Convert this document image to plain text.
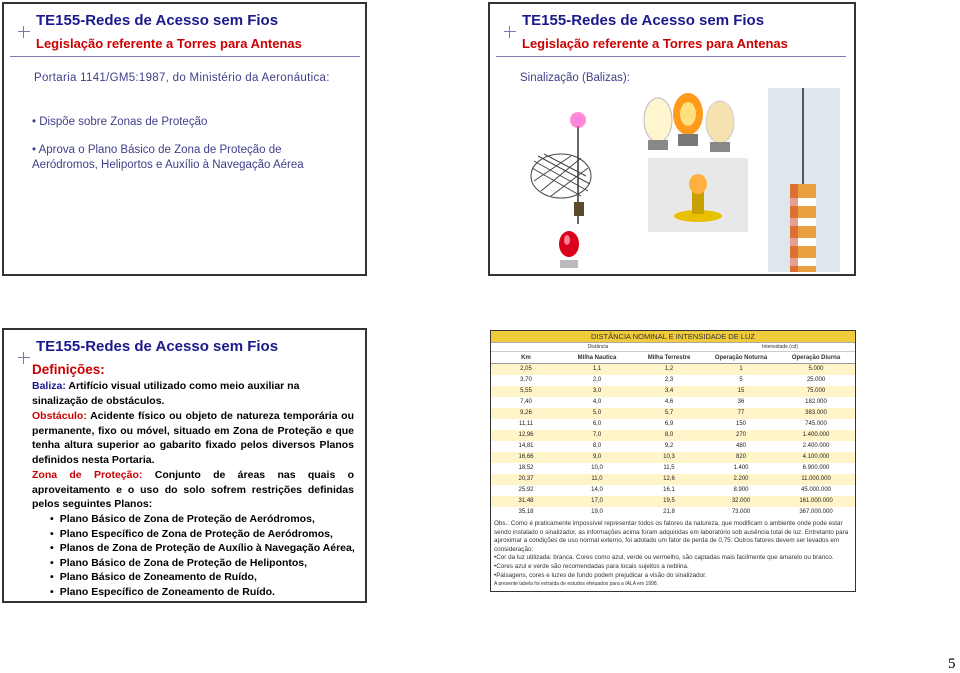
TE155-Redes de Acesso sem Fios
Legislação referente a Torres para Antenas
Portaria 1141/GM5:1987, do Ministério da Aeronáutica:
• Dispõe sobre Zonas de Proteção
• Aprova o Plano Básico de Zona de Proteção de Aeródromos, Heliportos e Auxílio à Navegação Aérea
TE155-Redes de Acesso sem Fios
Legislação referente a Torres para Antenas
Sinalização (Balizas):
TE155-Redes de Acesso sem Fios
Definições:
Baliza: Artifício visual utilizado como meio auxiliar na sinalização de obstáculos.
Obstáculo: Acidente físico ou objeto de natureza temporária ou permanente, fixo ou móvel, situado em Zona de Proteção e que tenha altura superior ao gabarito fixado pelos diversos Planos definidos nesta Portaria.
Zona de Proteção: Conjunto de áreas nas quais o aproveitamento e o uso do solo sofrem restrições definidas pelos seguintes Planos:
• Plano Básico de Zona de Proteção de Aeródromos,
• Plano Específico de Zona de Proteção de Aeródromos,
• Planos de Zona de Proteção de Auxílio à Navegação Aérea,
• Plano Básico de Zona de Proteção de Helipontos,
• Plano Básico de Zoneamento de Ruído,
• Plano Específico de Zoneamento de Ruído.
DISTÂNCIA NOMINAL E INTENSIDADE DE LUZ
Distância	Intensidade (cd)
Km	Milha Nautica	Milha Terrestre	Operação Noturna	Operação Diurna
2,05	1,1	1,2	1	5.000
3,70	2,0	2,3	5	25.000
5,55	3,0	3,4	15	75.000
7,40	4,0	4,6	36	182.000
9,26	5,0	5,7	77	383.000
11,11	6,0	6,9	150	745.000
12,96	7,0	8,0	270	1.400.000
14,81	8,0	9,2	480	2.400.000
16,66	9,0	10,3	820	4.100.000
18,52	10,0	11,5	1.400	6.900.000
20,37	11,0	12,6	2.200	11.000.000
25,92	14,0	16,1	8.900	45.000.000
31,48	17,0	19,5	32.000	161.000.000
35,18	19,0	21,8	73.000	367.000.000
Obs.: Como é praticamente impossível representar todos os fatores da natureza, que modificam o ambiente onde pode estar sendo instalado o sinalizador, as informações acima foram adquiridas em laboratório sob ausência total de luz. Entretanto para aproximar a condições de uso normal externo, foi adotado um fator de perda de 0,75. Outros fatores devem ser levados em consideração:
•Cor da luz utilizada: branca. Cores como azul, verde ou vermelho, são captadas mais facilmente que amarelo ou branco.
•Cores azul e verde são recomendadas para locais sujeitos a neblina.
•Paisagens, cores e luzes de fundo podem prejudicar a visão do sinalizador.
A presente tabela foi extraída de estudos efetuados para a IALA em 1998.
5
